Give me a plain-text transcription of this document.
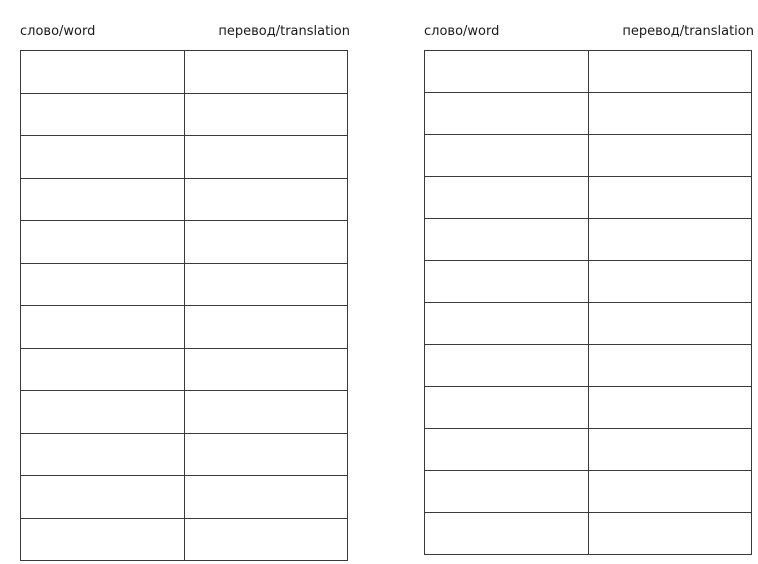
слово/word	перевод/translation

		слово/word	перевод/translation
